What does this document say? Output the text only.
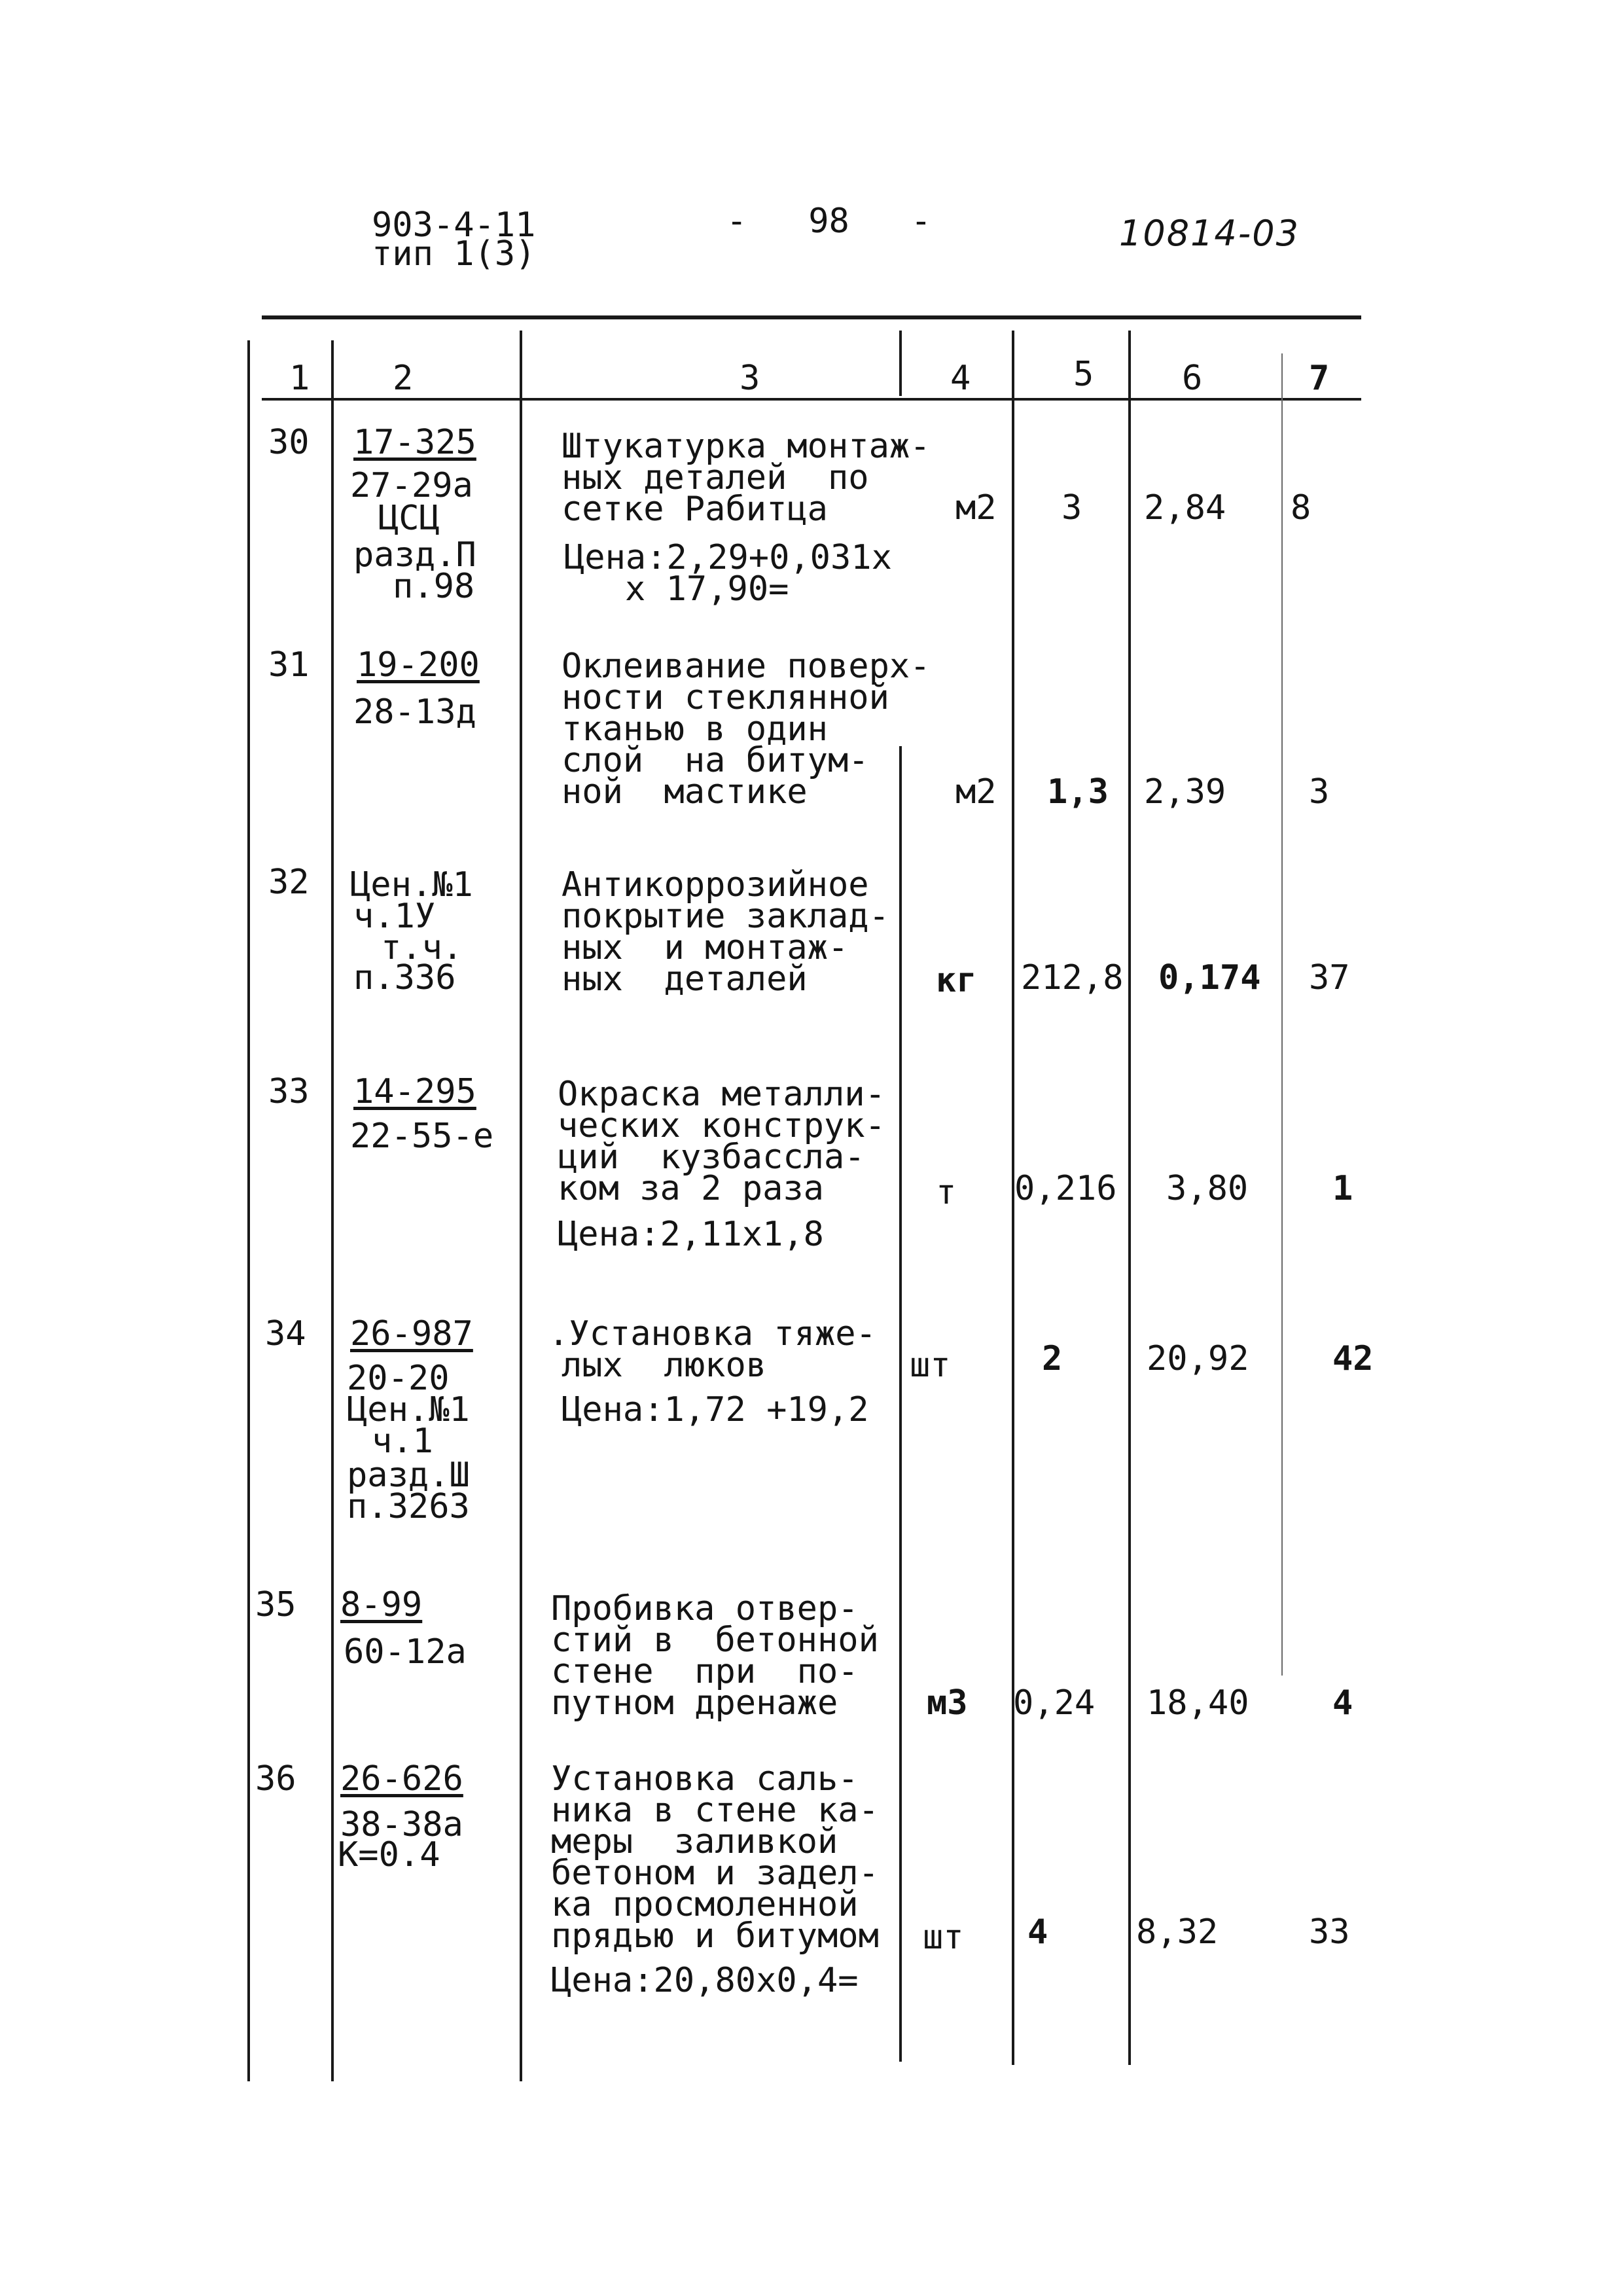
903-4-11
тип 1(3)
-   98   -	10814-03
1 2	3	4	5	6	7
30 17-325
27-29а
ЦСЦ
разд.П
п.98
Штукатурка монтаж-
ных деталей  по
сетке Рабитца
Цена:2,29+0,031х
х 17,90=
м2 3 2,84 8
31 19-200
28-13д
Оклеивание поверх-
ности стеклянной
тканью в один
слой  на битум-
ной  мастике	м2 1,3 2,39 3
32 Цен.№1
ч.1У
т.ч.
п.336
Антикоррозийное
покрытие заклад-
ных  и монтаж-
ных  деталей	кг 212,8 0,174 37
33 14-295
22-55-е
Окраска металли-
ческих конструк-
ций  кузбассла-
ком за 2 раза
Цена:2,11х1,8
т 0,216 3,80 1
34 26-987
20-20
Цен.№1
ч.1
разд.Ш
п.3263
.Установка тяже-
лых  люков
Цена:1,72 +19,2
шт	2 20,92 42
35 8-99
60-12а
Пробивка отвер-
стий в  бетонной
стене  при  по-
путном дренаже	м3 0,24 18,40 4
36 26-626
38-38а
К=0.4
Установка саль-
ника в стене ка-
меры  заливкой
бетоном и задел-
ка просмоленной
прядью и битумом
Цена:20,80х0,4=
шт 4	8,32	33
